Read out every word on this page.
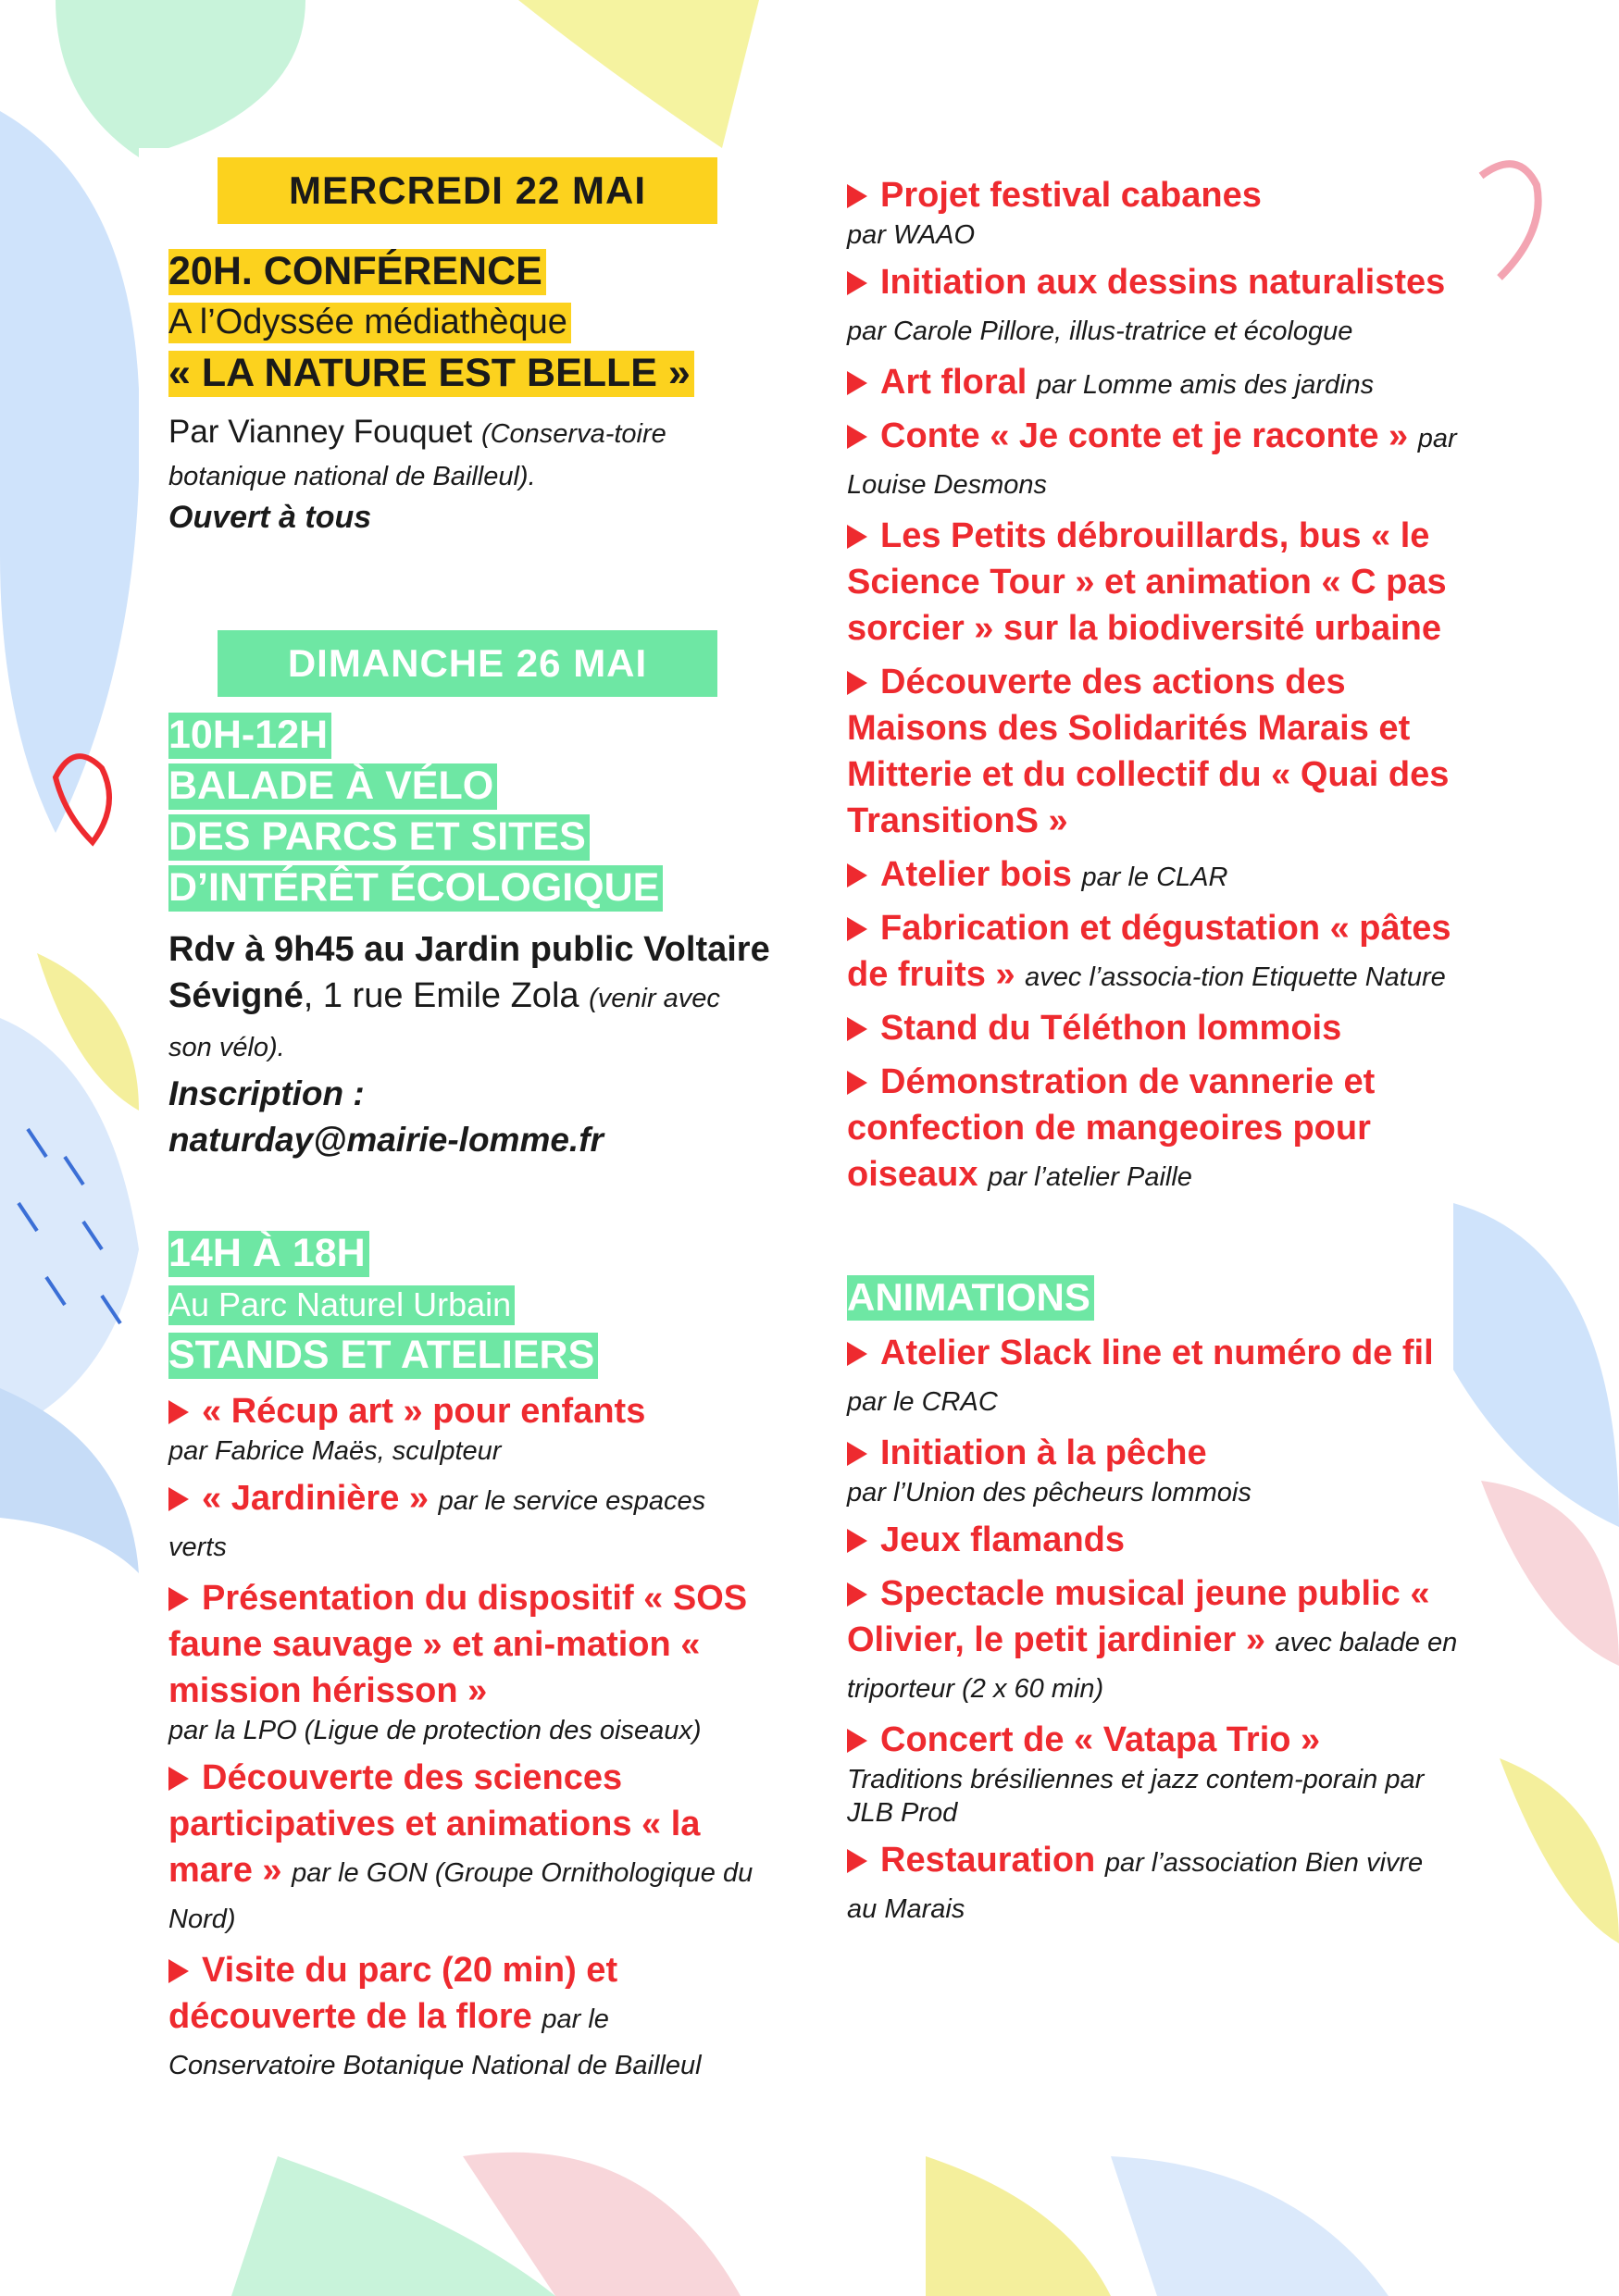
MERCREDI 22 MAI
20H. CONFÉRENCE
A l’Odyssée médiathèque
« LA NATURE EST BELLE »
Par Vianney Fouquet (Conserva-toire botanique national de Bailleul).
Ouvert à tous
DIMANCHE 26 MAI
10H-12H
BALADE À VÉLO
DES PARCS ET SITES
D’INTÉRÊT ÉCOLOGIQUE
Rdv à 9h45 au Jardin public Voltaire Sévigné, 1 rue Emile Zola (venir avec son vélo).
Inscription :
naturday@mairie-lomme.fr
14H À 18H
Au Parc Naturel Urbain
STANDS ET ATELIERS
« Récup art » pour enfants
par Fabrice Maës, sculpteur
« Jardinière » par le service espaces verts
Présentation du dispositif « SOS faune sauvage » et ani-mation « mission hérisson »
par la LPO (Ligue de protection des oiseaux)
Découverte des sciences participatives et animations « la mare » par le GON (Groupe Ornithologique du Nord)
Visite du parc (20 min) et découverte de la flore par le Conservatoire Botanique National de Bailleul
Projet festival cabanes
par WAAO
Initiation aux dessins naturalistes par Carole Pillore, illus-tratrice et écologue
Art floral par Lomme amis des jardins
Conte « Je conte et je raconte » par Louise Desmons
Les Petits débrouillards, bus « le Science Tour » et animation « C pas sorcier » sur la biodiversité urbaine
Découverte des actions des Maisons des Solidarités Marais et Mitterie et du collectif du « Quai des TransitionS »
Atelier bois par le CLAR
Fabrication et dégustation « pâtes de fruits » avec l’associa-tion Etiquette Nature
Stand du Téléthon lommois
Démonstration de vannerie et confection de mangeoires pour oiseaux par l’atelier Paille
ANIMATIONS
Atelier Slack line et numéro de fil par le CRAC
Initiation à la pêche
par l’Union des pêcheurs lommois
Jeux flamands
Spectacle musical jeune public « Olivier, le petit jardinier » avec balade en triporteur (2 x 60 min)
Concert de « Vatapa Trio »
Traditions brésiliennes et jazz contem-porain par JLB Prod
Restauration par l’association Bien vivre au Marais
